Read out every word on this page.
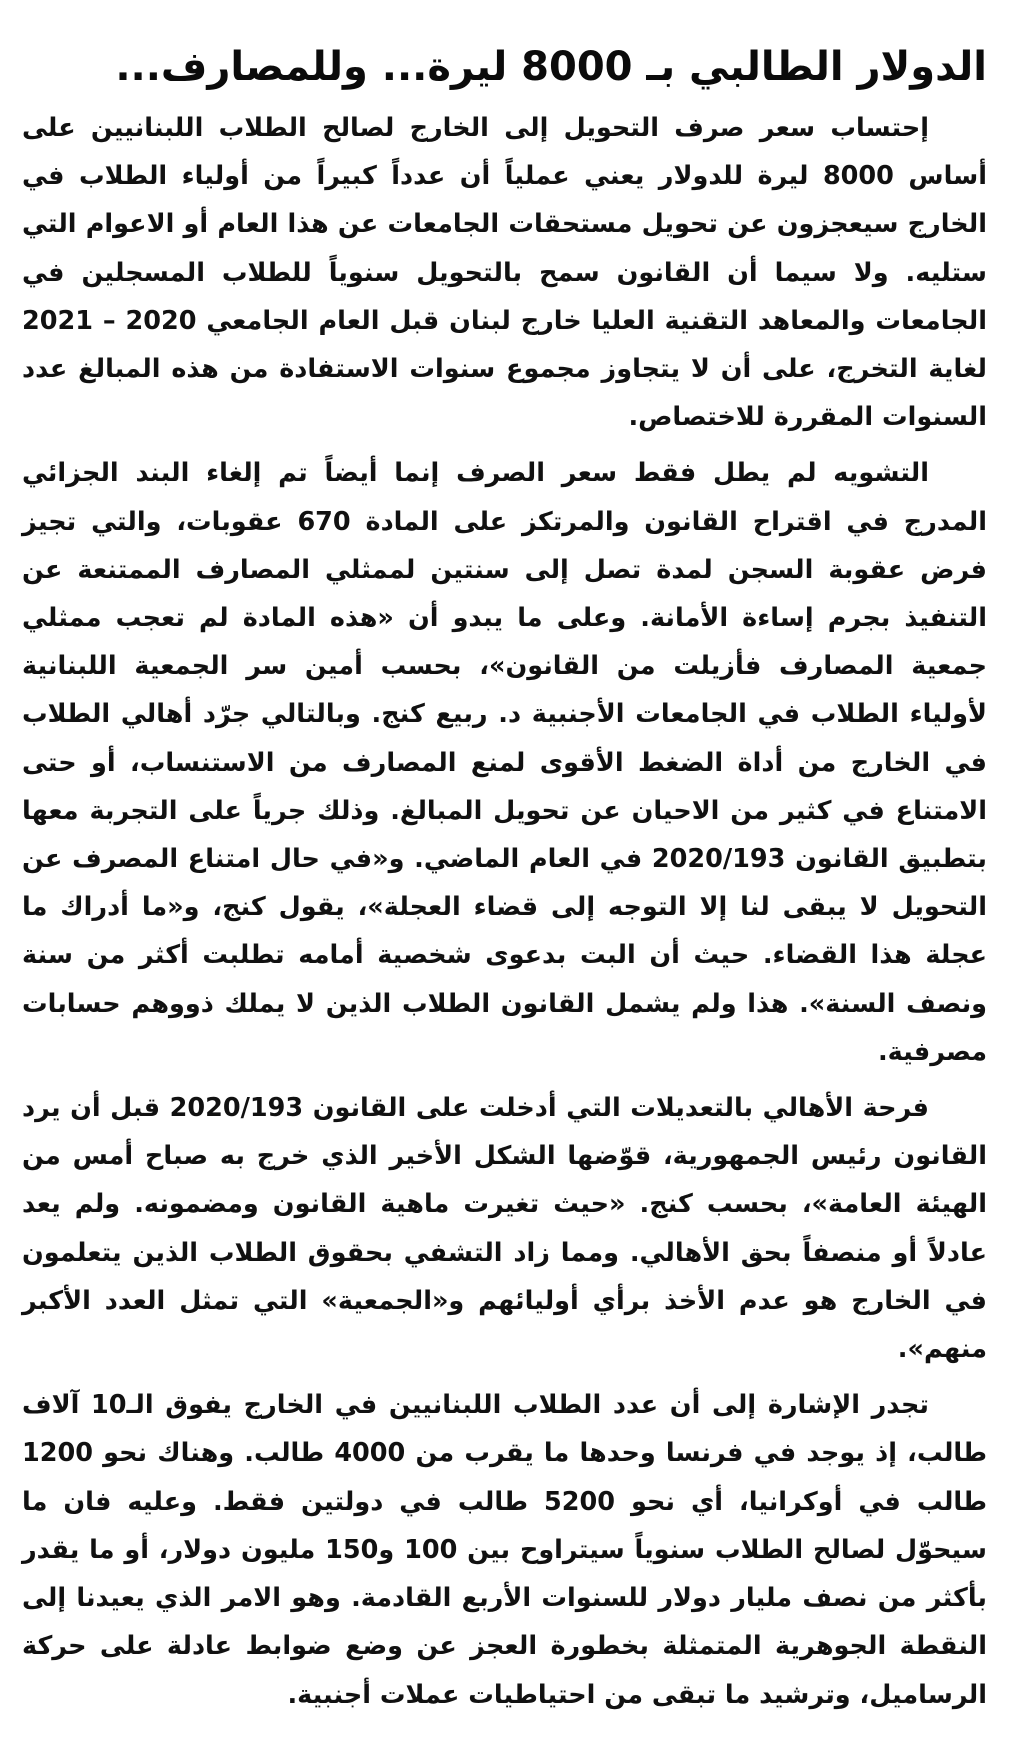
الدولار الطالبي بـ 8000 ليرة... وللمصارف...

إحتساب سعر صرف التحويل إلى الخارج لصالح الطلاب اللبنانيين على أساس 8000 ليرة للدولار يعني عملياً أن عدداً كبيراً من أولياء الطلاب في الخارج سيعجزون عن تحويل مستحقات الجامعات عن هذا العام أو الاعوام التي ستليه. ولا سيما أن القانون سمح بالتحويل سنوياً للطلاب المسجلين في الجامعات والمعاهد التقنية العليا خارج لبنان قبل العام الجامعي 2020 – 2021 لغاية التخرج، على أن لا يتجاوز مجموع سنوات الاستفادة من هذه المبالغ عدد السنوات المقررة للاختصاص.

التشويه لم يطل فقط سعر الصرف إنما أيضاً تم إلغاء البند الجزائي المدرج في اقتراح القانون والمرتكز على المادة 670 عقوبات، والتي تجيز فرض عقوبة السجن لمدة تصل إلى سنتين لممثلي المصارف الممتنعة عن التنفيذ بجرم إساءة الأمانة. وعلى ما يبدو أن «هذه المادة لم تعجب ممثلي جمعية المصارف فأزيلت من القانون»، بحسب أمين سر الجمعية اللبنانية لأولياء الطلاب في الجامعات الأجنبية د. ربيع كنج. وبالتالي جرّد أهالي الطلاب في الخارج من أداة الضغط الأقوى لمنع المصارف من الاستنساب، أو حتى الامتناع في كثير من الاحيان عن تحويل المبالغ. وذلك جرياً على التجربة معها بتطبيق القانون 2020/193 في العام الماضي. و«في حال امتناع المصرف عن التحويل لا يبقى لنا إلا التوجه إلى قضاء العجلة»، يقول كنج، و«ما أدراك ما عجلة هذا القضاء. حيث أن البت بدعوى شخصية أمامه تطلبت أكثر من سنة ونصف السنة». هذا ولم يشمل القانون الطلاب الذين لا يملك ذووهم حسابات مصرفية.

فرحة الأهالي بالتعديلات التي أدخلت على القانون 2020/193 قبل أن يرد القانون رئيس الجمهورية، قوّضها الشكل الأخير الذي خرج به صباح أمس من الهيئة العامة»، بحسب كنج. «حيث تغيرت ماهية القانون ومضمونه. ولم يعد عادلاً أو منصفاً بحق الأهالي. ومما زاد التشفي بحقوق الطلاب الذين يتعلمون في الخارج هو عدم الأخذ برأي أوليائهم و«الجمعية» التي تمثل العدد الأكبر منهم».

تجدر الإشارة إلى أن عدد الطلاب اللبنانيين في الخارج يفوق الـ10 آلاف طالب، إذ يوجد في فرنسا وحدها ما يقرب من 4000 طالب. وهناك نحو 1200 طالب في أوكرانيا، أي نحو 5200 طالب في دولتين فقط. وعليه فان ما سيحوّل لصالح الطلاب سنوياً سيتراوح بين 100 و150 مليون دولار، أو ما يقدر بأكثر من نصف مليار دولار للسنوات الأربع القادمة. وهو الامر الذي يعيدنا إلى النقطة الجوهرية المتمثلة بخطورة العجز عن وضع ضوابط عادلة على حركة الرساميل، وترشيد ما تبقى من احتياطيات عملات أجنبية.
